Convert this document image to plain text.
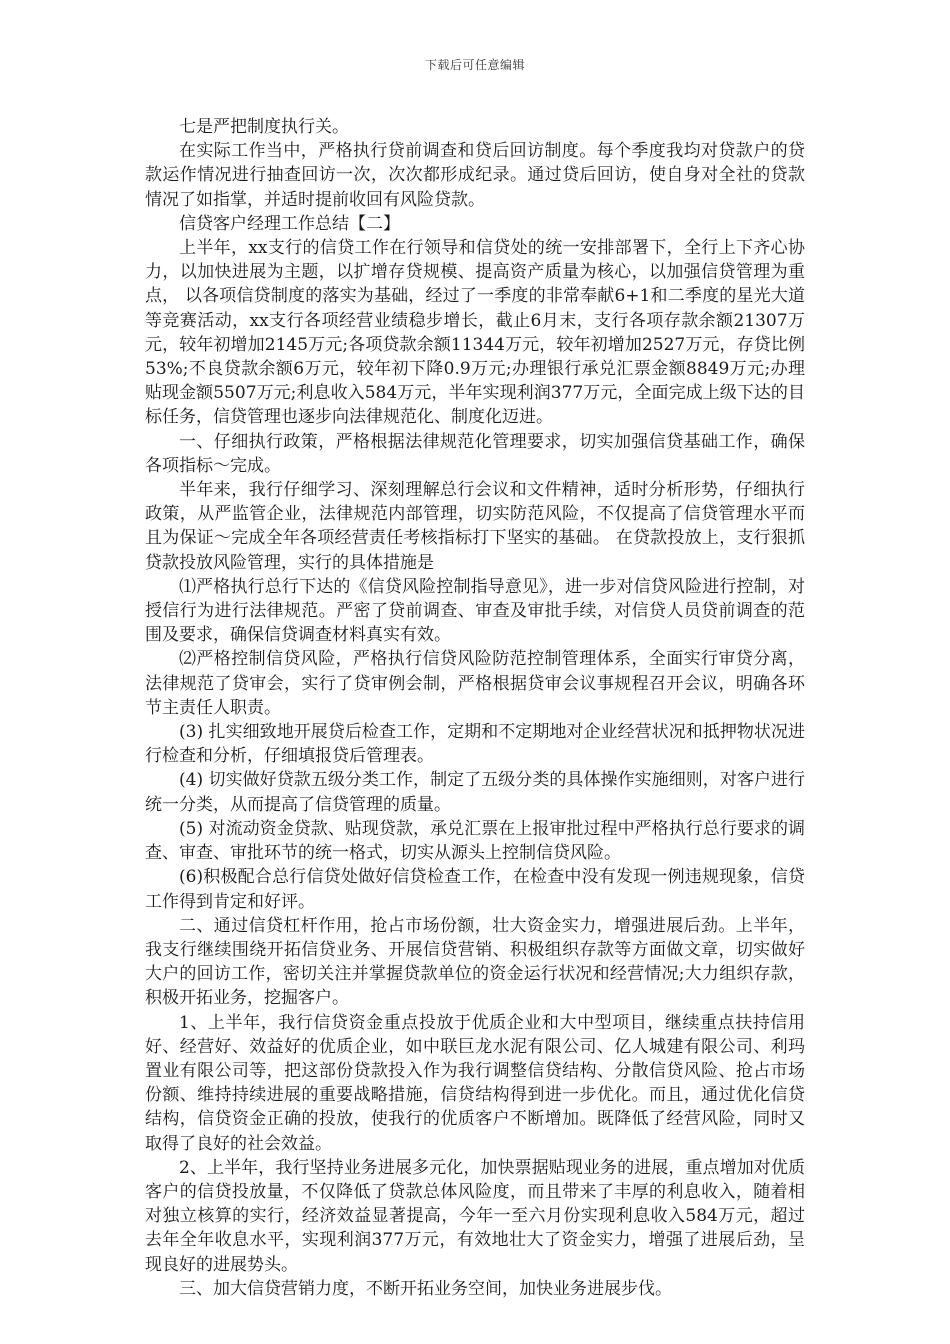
下载后可任意编辑

七是严把制度执行关。

在实际工作当中，严格执行贷前调查和贷后回访制度。每个季度我均对贷款户的贷款运作情况进行抽查回访一次，次次都形成纪录。通过贷后回访，使自身对全社的贷款情况了如指掌，并适时提前收回有风险贷款。

信贷客户经理工作总结【二】

上半年，xx支行的信贷工作在行领导和信贷处的统一安排部署下，全行上下齐心协力，以加快进展为主题，以扩增存贷规模、提高资产质量为核心，以加强信贷管理为重点， 以各项信贷制度的落实为基础，经过了一季度的非常奉献6+1和二季度的星光大道等竞赛活动，xx支行各项经营业绩稳步增长，截止6月末，支行各项存款余额21307万元，较年初增加2145万元;各项贷款余额11344万元，较年初增加2527万元，存贷比例53%;不良贷款余额6万元，较年初下降0.9万元;办理银行承兑汇票金额8849万元;办理贴现金额5507万元;利息收入584万元，半年实现利润377万元，全面完成上级下达的目标任务，信贷管理也逐步向法律规范化、制度化迈进。

一、仔细执行政策，严格根据法律规范化管理要求，切实加强信贷基础工作，确保各项指标～完成。

半年来，我行仔细学习、深刻理解总行会议和文件精神，适时分析形势，仔细执行政策，从严监管企业，法律规范内部管理，切实防范风险，不仅提高了信贷管理水平而且为保证～完成全年各项经营责任考核指标打下坚实的基础。 在贷款投放上，支行狠抓贷款投放风险管理，实行的具体措施是

⑴严格执行总行下达的《信贷风险控制指导意见》，进一步对信贷风险进行控制，对授信行为进行法律规范。严密了贷前调查、审查及审批手续，对信贷人员贷前调查的范围及要求，确保信贷调查材料真实有效。

⑵严格控制信贷风险，严格执行信贷风险防范控制管理体系，全面实行审贷分离，法律规范了贷审会，实行了贷审例会制，严格根据贷审会议事规程召开会议，明确各环节主责任人职责。

(3) 扎实细致地开展贷后检查工作，定期和不定期地对企业经营状况和抵押物状况进行检查和分析，仔细填报贷后管理表。

(4) 切实做好贷款五级分类工作，制定了五级分类的具体操作实施细则，对客户进行统一分类，从而提高了信贷管理的质量。

(5) 对流动资金贷款、贴现贷款，承兑汇票在上报审批过程中严格执行总行要求的调查、审查、审批环节的统一格式，切实从源头上控制信贷风险。

(6)积极配合总行信贷处做好信贷检查工作，在检查中没有发现一例违规现象，信贷工作得到肯定和好评。

二、通过信贷杠杆作用，抢占市场份额，壮大资金实力，增强进展后劲。上半年，我支行继续围绕开拓信贷业务、开展信贷营销、积极组织存款等方面做文章，切实做好大户的回访工作，密切关注并掌握贷款单位的资金运行状况和经营情况;大力组织存款，积极开拓业务，挖掘客户。

1、上半年，我行信贷资金重点投放于优质企业和大中型项目，继续重点扶持信用好、经营好、效益好的优质企业，如中联巨龙水泥有限公司、亿人城建有限公司、利玛置业有限公司等，把这部份贷款投入作为我行调整信贷结构、分散信贷风险、抢占市场份额、维持持续进展的重要战略措施，信贷结构得到进一步优化。而且，通过优化信贷结构，信贷资金正确的投放，使我行的优质客户不断增加。既降低了经营风险，同时又取得了良好的社会效益。

2、上半年，我行坚持业务进展多元化，加快票据贴现业务的进展，重点增加对优质客户的信贷投放量，不仅降低了贷款总体风险度，而且带来了丰厚的利息收入，随着相对独立核算的实行，经济效益显著提高，今年一至六月份实现利息收入584万元，超过去年全年收息水平，实现利润377万元，有效地壮大了资金实力，增强了进展后劲，呈现良好的进展势头。

三、加大信贷营销力度，不断开拓业务空间，加快业务进展步伐。
